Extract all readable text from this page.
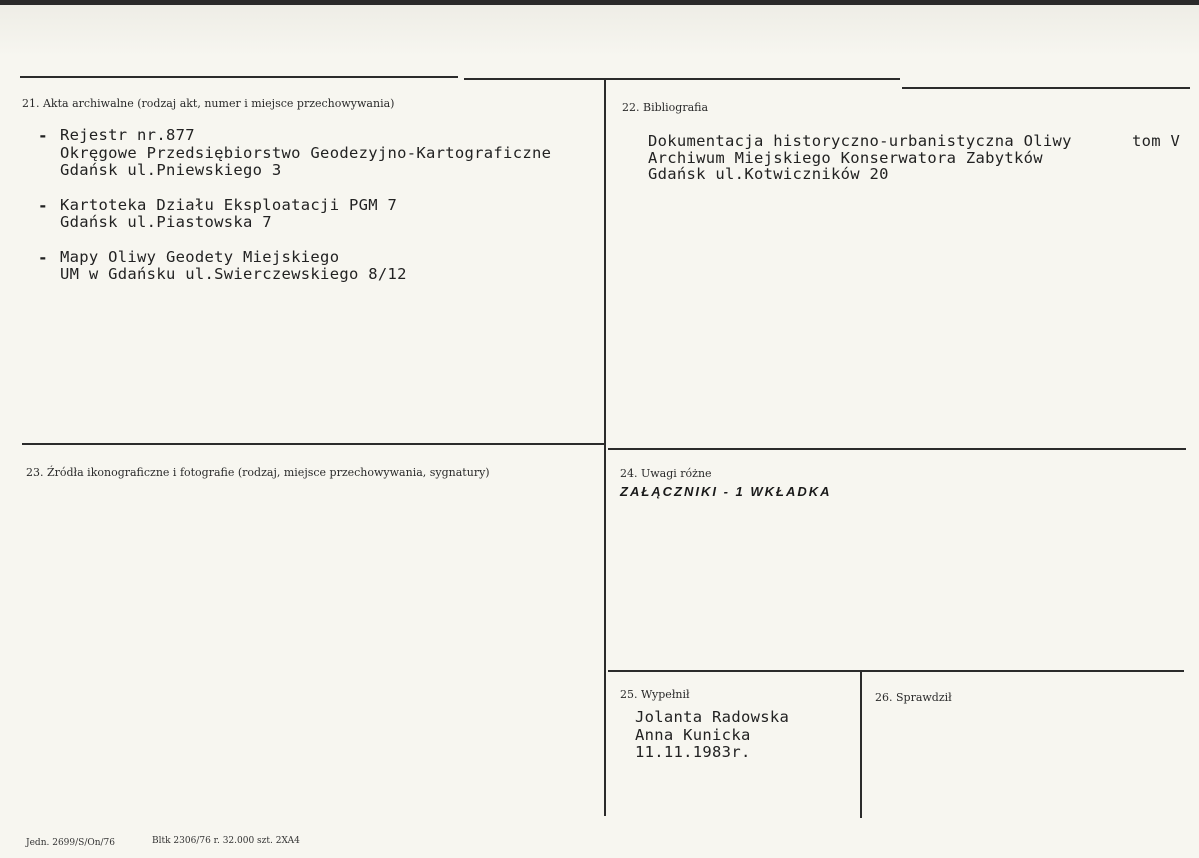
21. Akta archiwalne (rodzaj akt, numer i miejsce przechowywania)
- Rejestr nr.877
Okręgowe Przedsiębiorstwo Geodezyjno-Kartograficzne
Gdańsk ul.Pniewskiego 3
- Kartoteka Działu Eksploatacji PGM 7
Gdańsk ul.Piastowska 7
- Mapy Oliwy Geodety Miejskiego
UM w Gdańsku ul.Swierczewskiego 8/12
22. Bibliografia
Dokumentacja historyczno-urbanistyczna Oliwy	tom V
Archiwum Miejskiego Konserwatora Zabytków
Gdańsk ul.Kotwiczników 20
23. Źródła ikonograficzne i fotografie (rodzaj, miejsce przechowywania, sygnatury)	24. Uwagi różne
ZAŁĄCZNIKI - 1 WKŁADKA
25. Wypełnił
Jolanta Radowska
Anna Kunicka
11.11.1983r.
26. Sprawdził
Jedn. 2699/S/On/76	Bltk 2306/76 r. 32.000 szt. 2XA4
